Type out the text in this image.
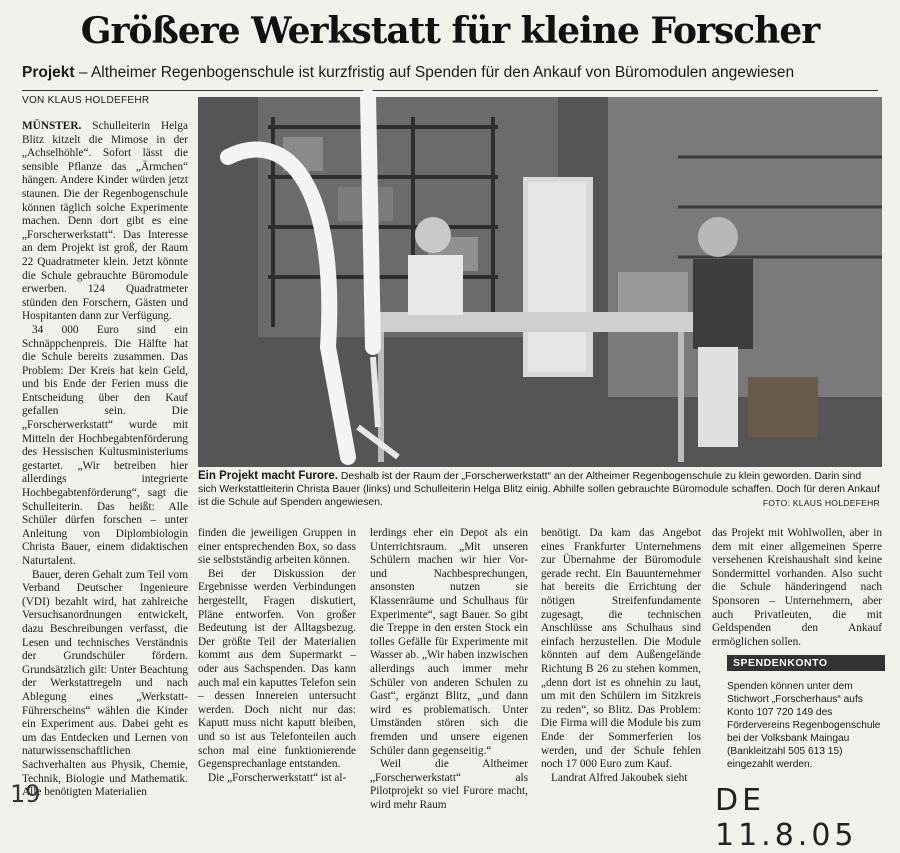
Größere Werkstatt für kleine Forscher
Projekt – Altheimer Regenbogenschule ist kurzfristig auf Spenden für den Ankauf von Büromodulen angewiesen
VON KLAUS HOLDEFEHR

MÜNSTER. Schulleiterin Helga Blitz kitzelt die Mimose in der „Achselhöhle“. Sofort lässt die sensible Pflanze das „Ärmchen“ hängen. Andere Kinder würden jetzt staunen. Die der Regenbogenschule können täglich solche Experimente machen. Denn dort gibt es eine „Forscherwerkstatt“. Das Interesse an dem Projekt ist groß, der Raum 22 Quadratmeter klein. Jetzt könnte die Schule gebrauchte Büromodule erwerben. 124 Quadratmeter stünden den Forschern, Gästen und Hospitanten dann zur Verfügung.

34 000 Euro sind ein Schnäppchenpreis. Die Hälfte hat die Schule bereits zusammen. Das Problem: Der Kreis hat kein Geld, und bis Ende der Ferien muss die Entscheidung über den Kauf gefallen sein. Die „Forscherwerkstatt“ wurde mit Mitteln der Hochbegabtenförderung des Hessischen Kultusministeriums gestartet. „Wir betreiben hier allerdings integrierte Hochbegabtenförderung“, sagt die Schulleiterin. Das heißt: Alle Schüler dürfen forschen – unter Anleitung von Diplombiologin Christa Bauer, einem didaktischen Naturtalent.

Bauer, deren Gehalt zum Teil vom Verband Deutscher Ingenieure (VDI) bezahlt wird, hat zahlreiche Versuchsanordnungen entwickelt, dazu Beschreibungen verfasst, die Lesen und technisches Verständnis der Grundschüler fördern. Grundsätzlich gilt: Unter Beachtung der Werkstattregeln und nach Ablegung eines „Werkstatt-Führerscheins“ wählen die Kinder ein Experiment aus. Dabei geht es um das Entdecken und Lernen von naturwissenschaftlichen Sachverhalten aus Physik, Chemie, Technik, Biologie und Mathematik. Alle benötigten Materialien

Ein Projekt macht Furore. Deshalb ist der Raum der „Forscherwerkstatt“ an der Altheimer Regenbogenschule zu klein geworden. Darin sind sich Werkstattleiterin Christa Bauer (links) und Schulleiterin Helga Blitz einig. Abhilfe sollen gebrauchte Büromodule schaffen. Doch für deren Ankauf ist die Schule auf Spenden angewiesen.	FOTO: KLAUS HOLDEFEHR

finden die jeweiligen Gruppen in einer entsprechenden Box, so dass sie selbstständig arbeiten können.

Bei der Diskussion der Ergebnisse werden Verbindungen hergestellt, Fragen diskutiert, Pläne entworfen. Von großer Bedeutung ist der Alltagsbezug. Der größte Teil der Materialien kommt aus dem Supermarkt – oder aus Sachspenden. Das kann auch mal ein kaputtes Telefon sein – dessen Innereien untersucht werden. Doch nicht nur das: Kaputt muss nicht kaputt bleiben, und so ist aus Telefonteilen auch schon mal eine funktionierende Gegensprechanlage entstanden.

Die „Forscherwerkstatt“ ist al-

lerdings eher ein Depot als ein Unterrichtsraum. „Mit unseren Schülern machen wir hier Vor- und Nachbesprechungen, ansonsten nutzen sie Klassenräume und Schulhaus für Experimente“, sagt Bauer. So gibt die Treppe in den ersten Stock ein tolles Gefälle für Experimente mit Wasser ab. „Wir haben inzwischen allerdings auch immer mehr Schüler von anderen Schulen zu Gast“, ergänzt Blitz, „und dann wird es problematisch. Unter Umständen stören sich die fremden und unsere eigenen Schüler dann gegenseitig.“

Weil die Altheimer „Forscherwerkstatt“ als Pilotprojekt so viel Furore macht, wird mehr Raum

benötigt. Da kam das Angebot eines Frankfurter Unternehmens zur Übernahme der Büromodule gerade recht. Ein Bauunternehmer hat bereits die Errichtung der nötigen Streifenfundamente zugesagt, die technischen Anschlüsse ans Schulhaus sind einfach herzustellen. Die Module könnten auf dem Außengelände Richtung B 26 zu stehen kommen, „denn dort ist es ohnehin zu laut, um mit den Schülern im Sitzkreis zu reden“, so Blitz. Das Problem: Die Firma will die Module bis zum Ende der Sommerferien los werden, und der Schule fehlen noch 17 000 Euro zum Kauf.

Landrat Alfred Jakoubek sieht

das Projekt mit Wohlwollen, aber in dem mit einer allgemeinen Sperre versehenen Kreishaushalt sind keine Sondermittel vorhanden. Also sucht die Schule händeringend nach Sponsoren – Unternehmern, aber auch Privatleuten, die mit Geldspenden den Ankauf ermöglichen sollen.

SPENDENKONTO
Spenden können unter dem Stichwort „Forscherhaus“ aufs Konto 107 720 149 des Fördervereins Regenbogenschule bei der Volksbank Maingau (Bankleitzahl 505 613 15) eingezahlt werden.
19	DE 11.8.05
